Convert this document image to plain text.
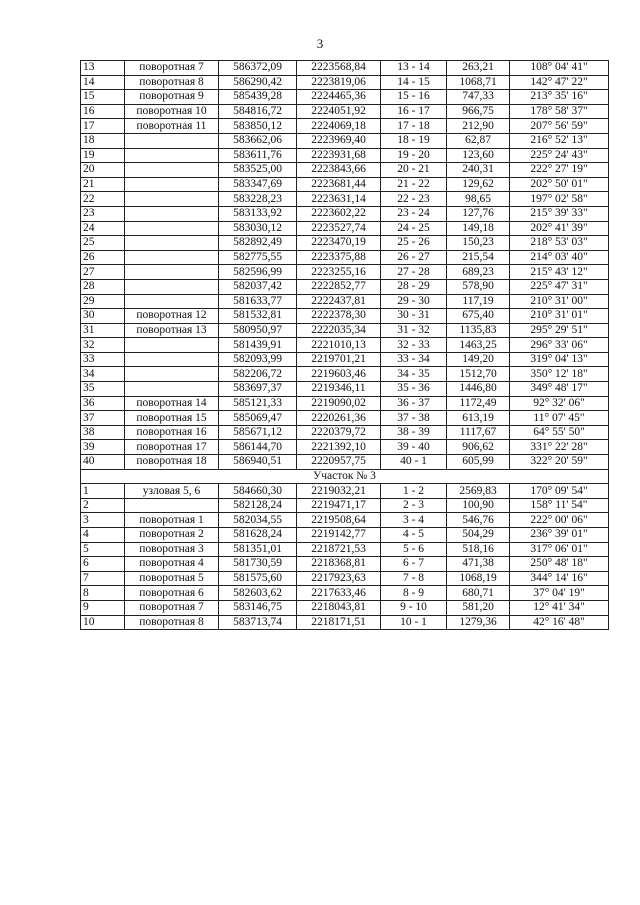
3
13	поворотная 7	586372,09	2223568,84	13 - 14	263,21	108° 04' 41"
14	поворотная 8	586290,42	2223819,06	14 - 15	1068,71	142° 47' 22"
15	поворотная 9	585439,28	2224465,36	15 - 16	747,33	213° 35' 16"
16	поворотная 10	584816,72	2224051,92	16 - 17	966,75	178° 58' 37"
17	поворотная 11	583850,12	2224069,18	17 - 18	212,90	207° 56' 59"
18		583662,06	2223969,40	18 - 19	62,87	216° 52' 13"
19		583611,76	2223931,68	19 - 20	123,60	225° 24' 43"
20		583525,00	2223843,66	20 - 21	240,31	222° 27' 19"
21		583347,69	2223681,44	21 - 22	129,62	202° 50' 01"
22		583228,23	2223631,14	22 - 23	98,65	197° 02' 58"
23		583133,92	2223602,22	23 - 24	127,76	215° 39' 33"
24		583030,12	2223527,74	24 - 25	149,18	202° 41' 39"
25		582892,49	2223470,19	25 - 26	150,23	218° 53' 03"
26		582775,55	2223375,88	26 - 27	215,54	214° 03' 40"
27		582596,99	2223255,16	27 - 28	689,23	215° 43' 12"
28		582037,42	2222852,77	28 - 29	578,90	225° 47' 31"
29		581633,77	2222437,81	29 - 30	117,19	210° 31' 00"
30	поворотная 12	581532,81	2222378,30	30 - 31	675,40	210° 31' 01"
31	поворотная 13	580950,97	2222035,34	31 - 32	1135,83	295° 29' 51"
32		581439,91	2221010,13	32 - 33	1463,25	296° 33' 06"
33		582093,99	2219701,21	33 - 34	149,20	319° 04' 13"
34		582206,72	2219603,46	34 - 35	1512,70	350° 12' 18"
35		583697,37	2219346,11	35 - 36	1446,80	349° 48' 17"
36	поворотная 14	585121,33	2219090,02	36 - 37	1172,49	92° 32' 06"
37	поворотная 15	585069,47	2220261,36	37 - 38	613,19	11° 07' 45"
38	поворотная 16	585671,12	2220379,72	38 - 39	1117,67	64° 55' 50"
39	поворотная 17	586144,70	2221392,10	39 - 40	906,62	331° 22' 28"
40	поворотная 18	586940,51	2220957,75	40 - 1	605,99	322° 20' 59"
Участок № 3						
1	узловая 5, 6	584660,30	2219032,21	1 - 2	2569,83	170° 09' 54"
2		582128,24	2219471,17	2 - 3	100,90	158° 11' 54"
3	поворотная 1	582034,55	2219508,64	3 - 4	546,76	222° 00' 06"
4	поворотная 2	581628,24	2219142,77	4 - 5	504,29	236° 39' 01"
5	поворотная 3	581351,01	2218721,53	5 - 6	518,16	317° 06' 01"
6	поворотная 4	581730,59	2218368,81	6 - 7	471,38	250° 48' 18"
7	поворотная 5	581575,60	2217923,63	7 - 8	1068,19	344° 14' 16"
8	поворотная 6	582603,62	2217633,46	8 - 9	680,71	37° 04' 19"
9	поворотная 7	583146,75	2218043,81	9 - 10	581,20	12° 41' 34"
10	поворотная 8	583713,74	2218171,51	10 - 1	1279,36	42° 16' 48"
